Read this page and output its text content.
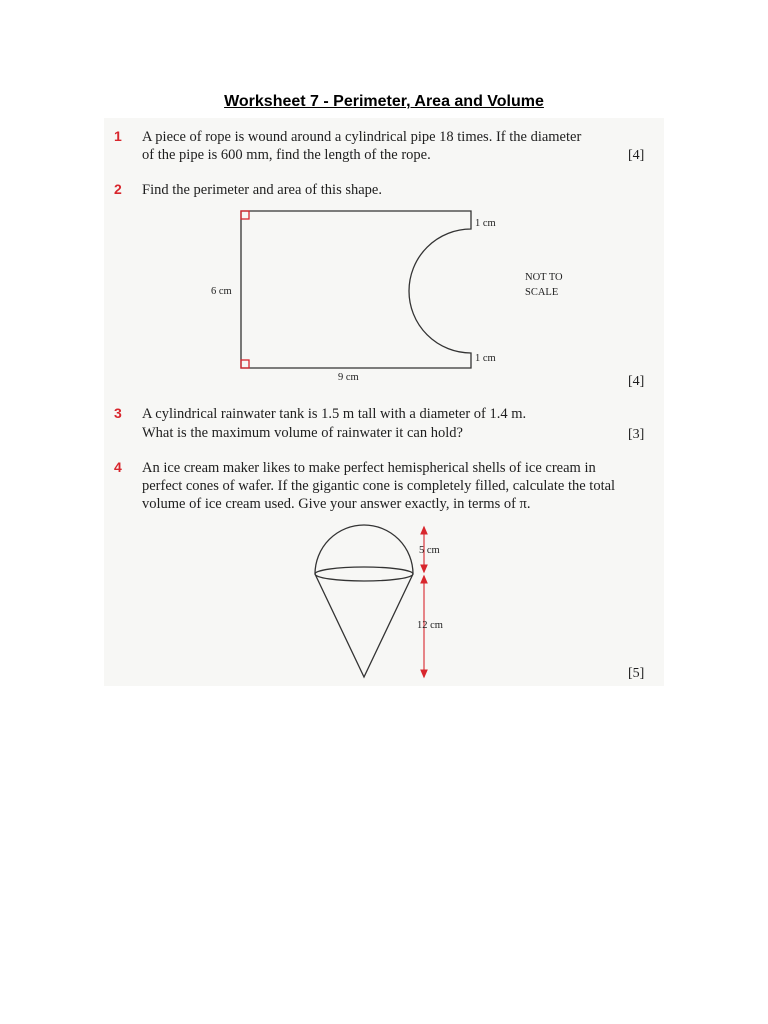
Worksheet 7 - Perimeter, Area and Volume
1 A piece of rope is wound around a cylindrical pipe 18 times. If the diameter
of the pipe is 600 mm, find the length of the rope.	[4]
2 Find the perimeter and area of this shape.
1 cm
1 cm
6 cm
9 cm
NOT TO
SCALE
[4]
3 A cylindrical rainwater tank is 1.5 m tall with a diameter of 1.4 m.
What is the maximum volume of rainwater it can hold?	[3]
4 An ice cream maker likes to make perfect hemispherical shells of ice cream in
perfect cones of wafer. If the gigantic cone is completely filled, calculate the total
volume of ice cream used. Give your answer exactly, in terms of π.
5 cm
12 cm
[5]
